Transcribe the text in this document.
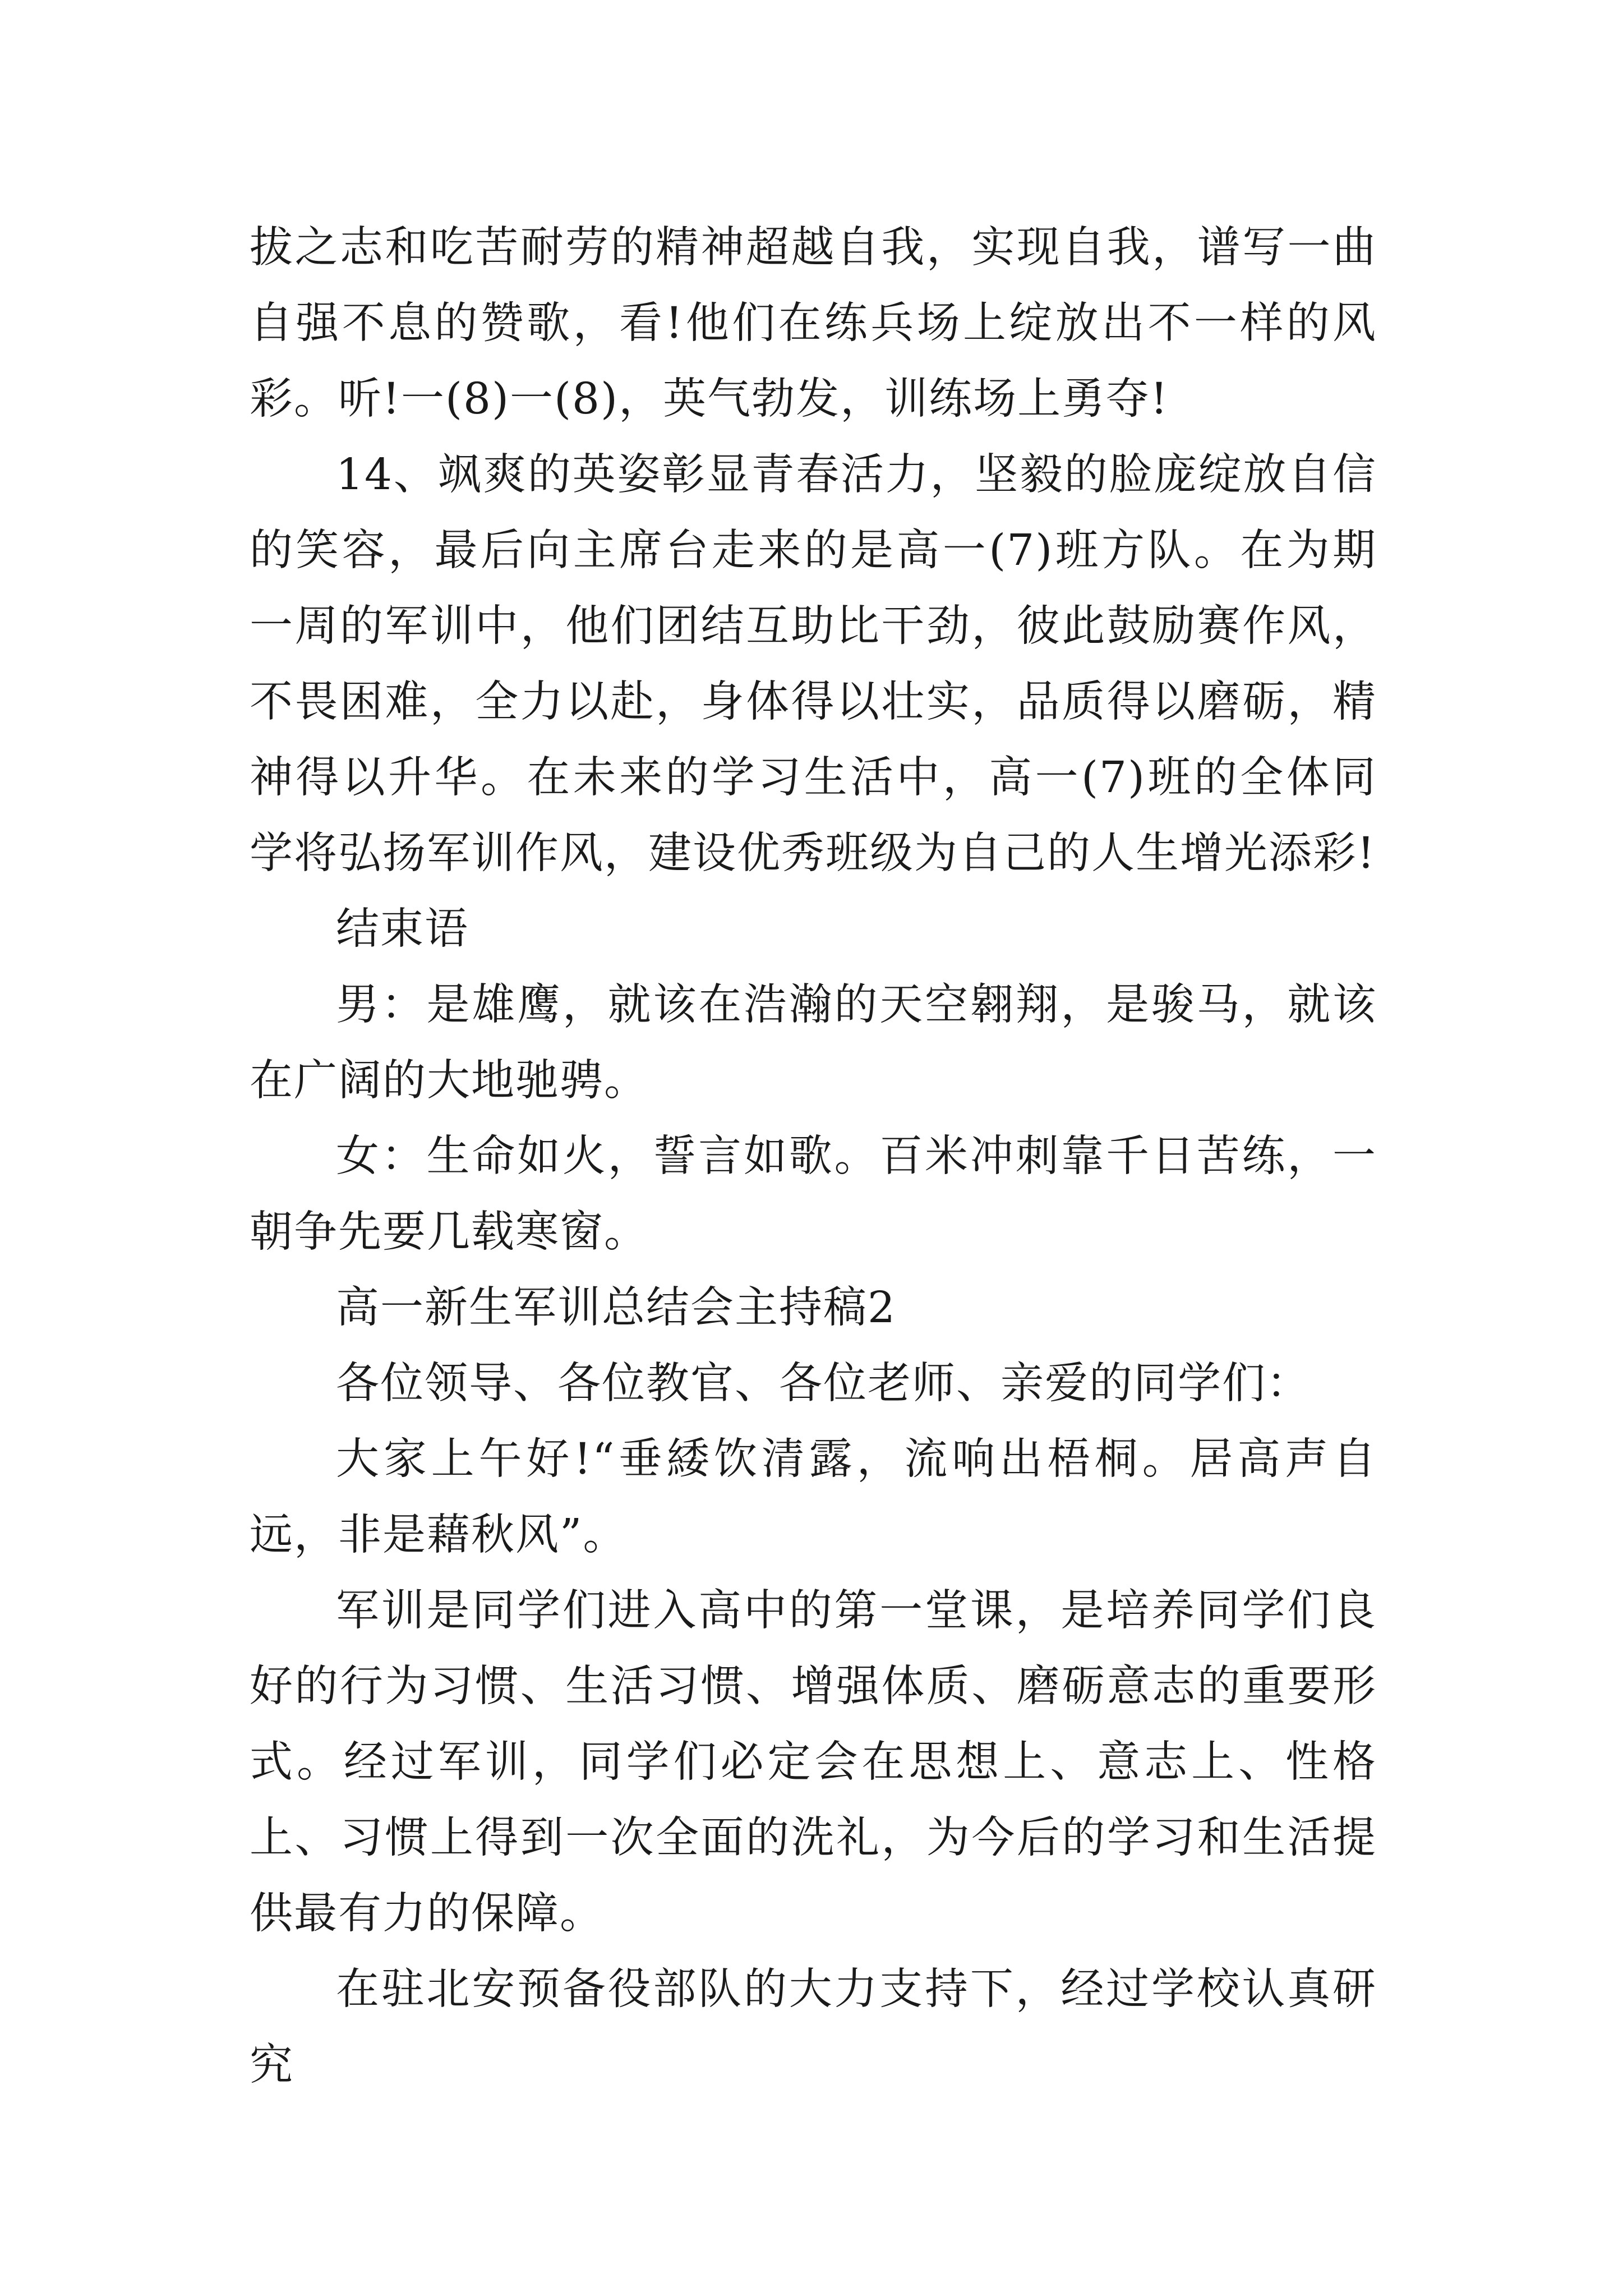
拔之志和吃苦耐劳的精神超越自我，实现自我，谱写一曲自强不息的赞歌，看!他们在练兵场上绽放出不一样的风彩。听!一(8)一(8)，英气勃发，训练场上勇夺!

14、飒爽的英姿彰显青春活力，坚毅的脸庞绽放自信的笑容，最后向主席台走来的是高一(7)班方队。在为期一周的军训中，他们团结互助比干劲，彼此鼓励赛作风，不畏困难，全力以赴，身体得以壮实，品质得以磨砺，精神得以升华。在未来的学习生活中，高一(7)班的全体同学将弘扬军训作风，建设优秀班级为自己的人生增光添彩!

结束语

男：是雄鹰，就该在浩瀚的天空翱翔，是骏马，就该在广阔的大地驰骋。

女：生命如火，誓言如歌。百米冲刺靠千日苦练，一朝争先要几载寒窗。

高一新生军训总结会主持稿2

各位领导、各位教官、各位老师、亲爱的同学们：

大家上午好!“垂緌饮清露，流响出梧桐。居高声自远，非是藉秋风”。

军训是同学们进入高中的第一堂课，是培养同学们良好的行为习惯、生活习惯、增强体质、磨砺意志的重要形式。经过军训，同学们必定会在思想上、意志上、性格上、习惯上得到一次全面的洗礼，为今后的学习和生活提供最有力的保障。

在驻北安预备役部队的大力支持下，经过学校认真研究
